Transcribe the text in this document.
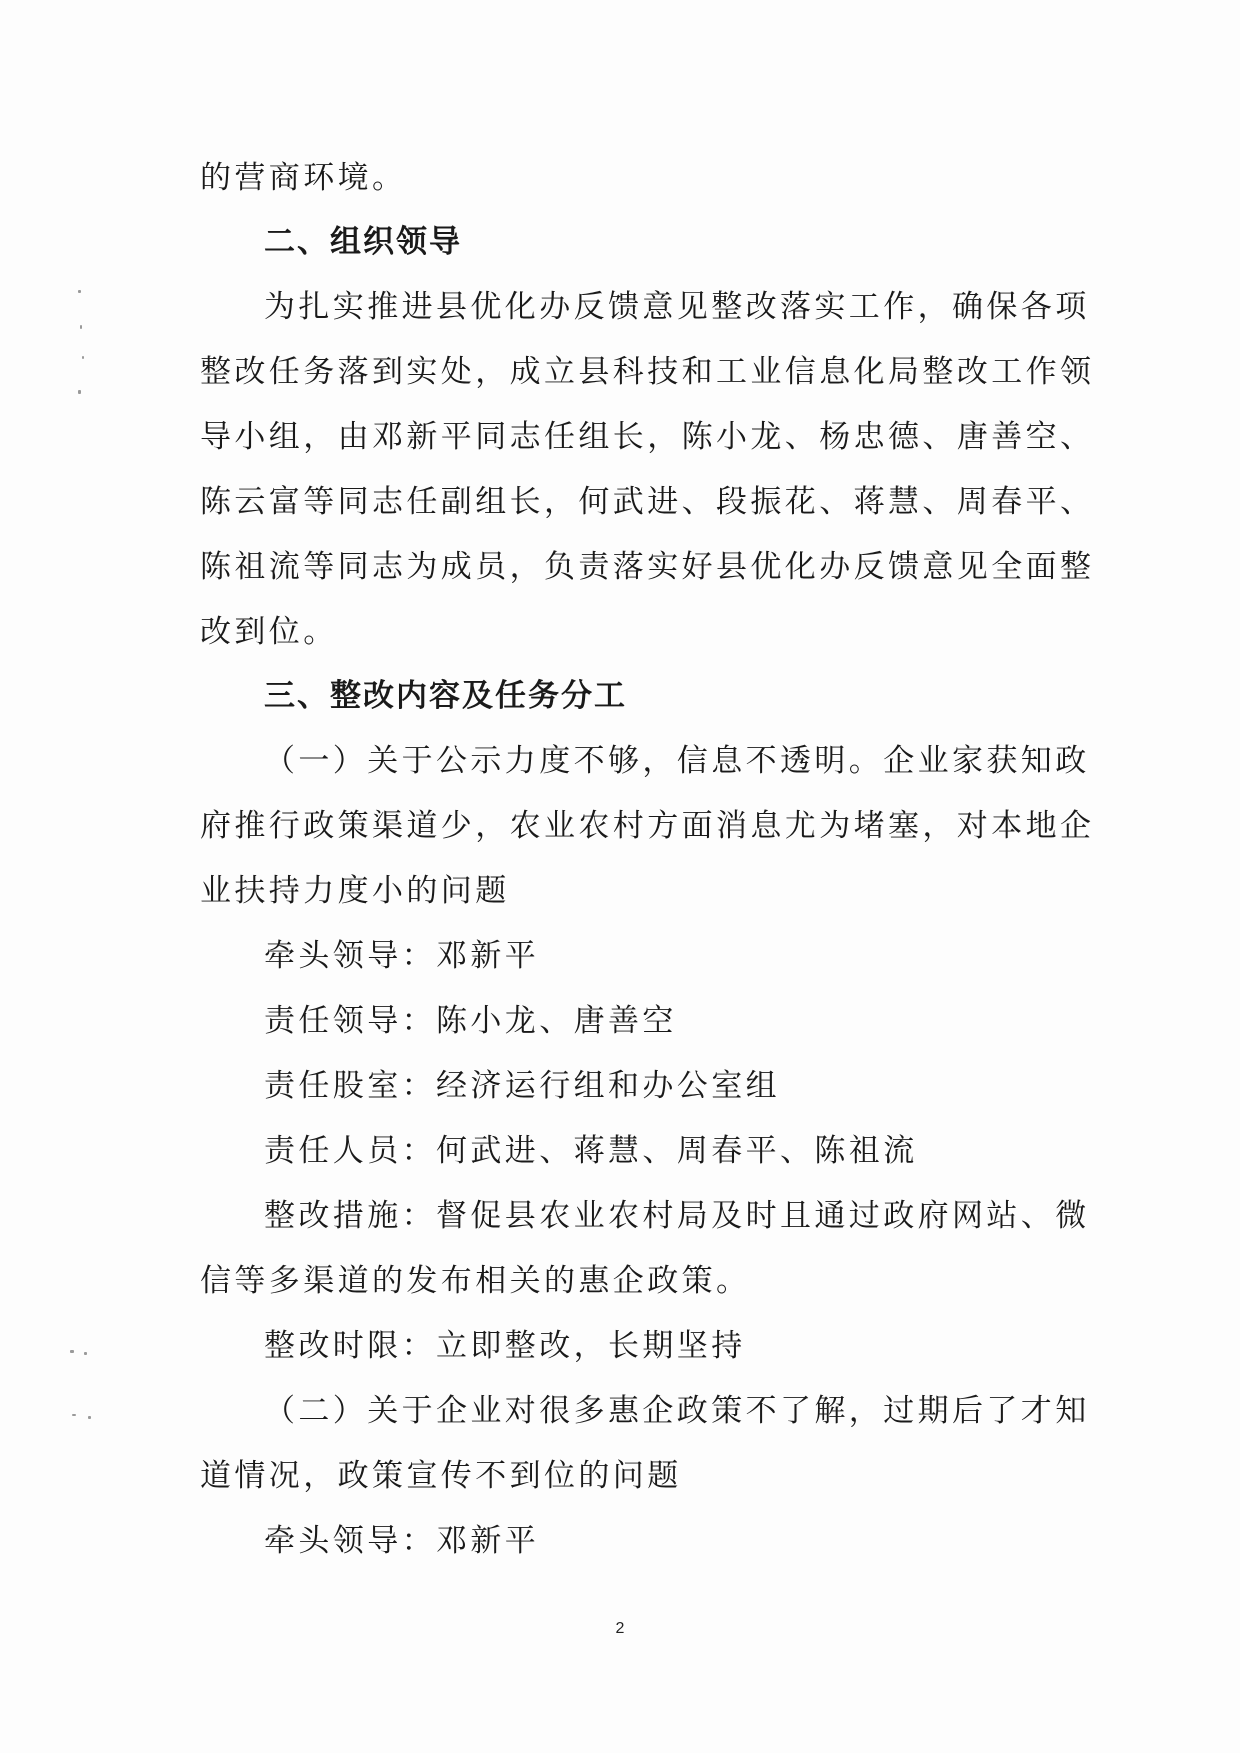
的营商环境。
二、组织领导
为扎实推进县优化办反馈意见整改落实工作，确保各项
整改任务落到实处，成立县科技和工业信息化局整改工作领
导小组，由邓新平同志任组长，陈小龙、杨忠德、唐善空、
陈云富等同志任副组长，何武进、段振花、蒋慧、周春平、
陈祖流等同志为成员，负责落实好县优化办反馈意见全面整
改到位。
三、整改内容及任务分工
（一）关于公示力度不够，信息不透明。企业家获知政
府推行政策渠道少，农业农村方面消息尤为堵塞，对本地企
业扶持力度小的问题
牵头领导：邓新平
责任领导：陈小龙、唐善空
责任股室：经济运行组和办公室组
责任人员：何武进、蒋慧、周春平、陈祖流
整改措施：督促县农业农村局及时且通过政府网站、微
信等多渠道的发布相关的惠企政策。
整改时限：立即整改，长期坚持
（二）关于企业对很多惠企政策不了解，过期后了才知
道情况，政策宣传不到位的问题
牵头领导：邓新平
2
